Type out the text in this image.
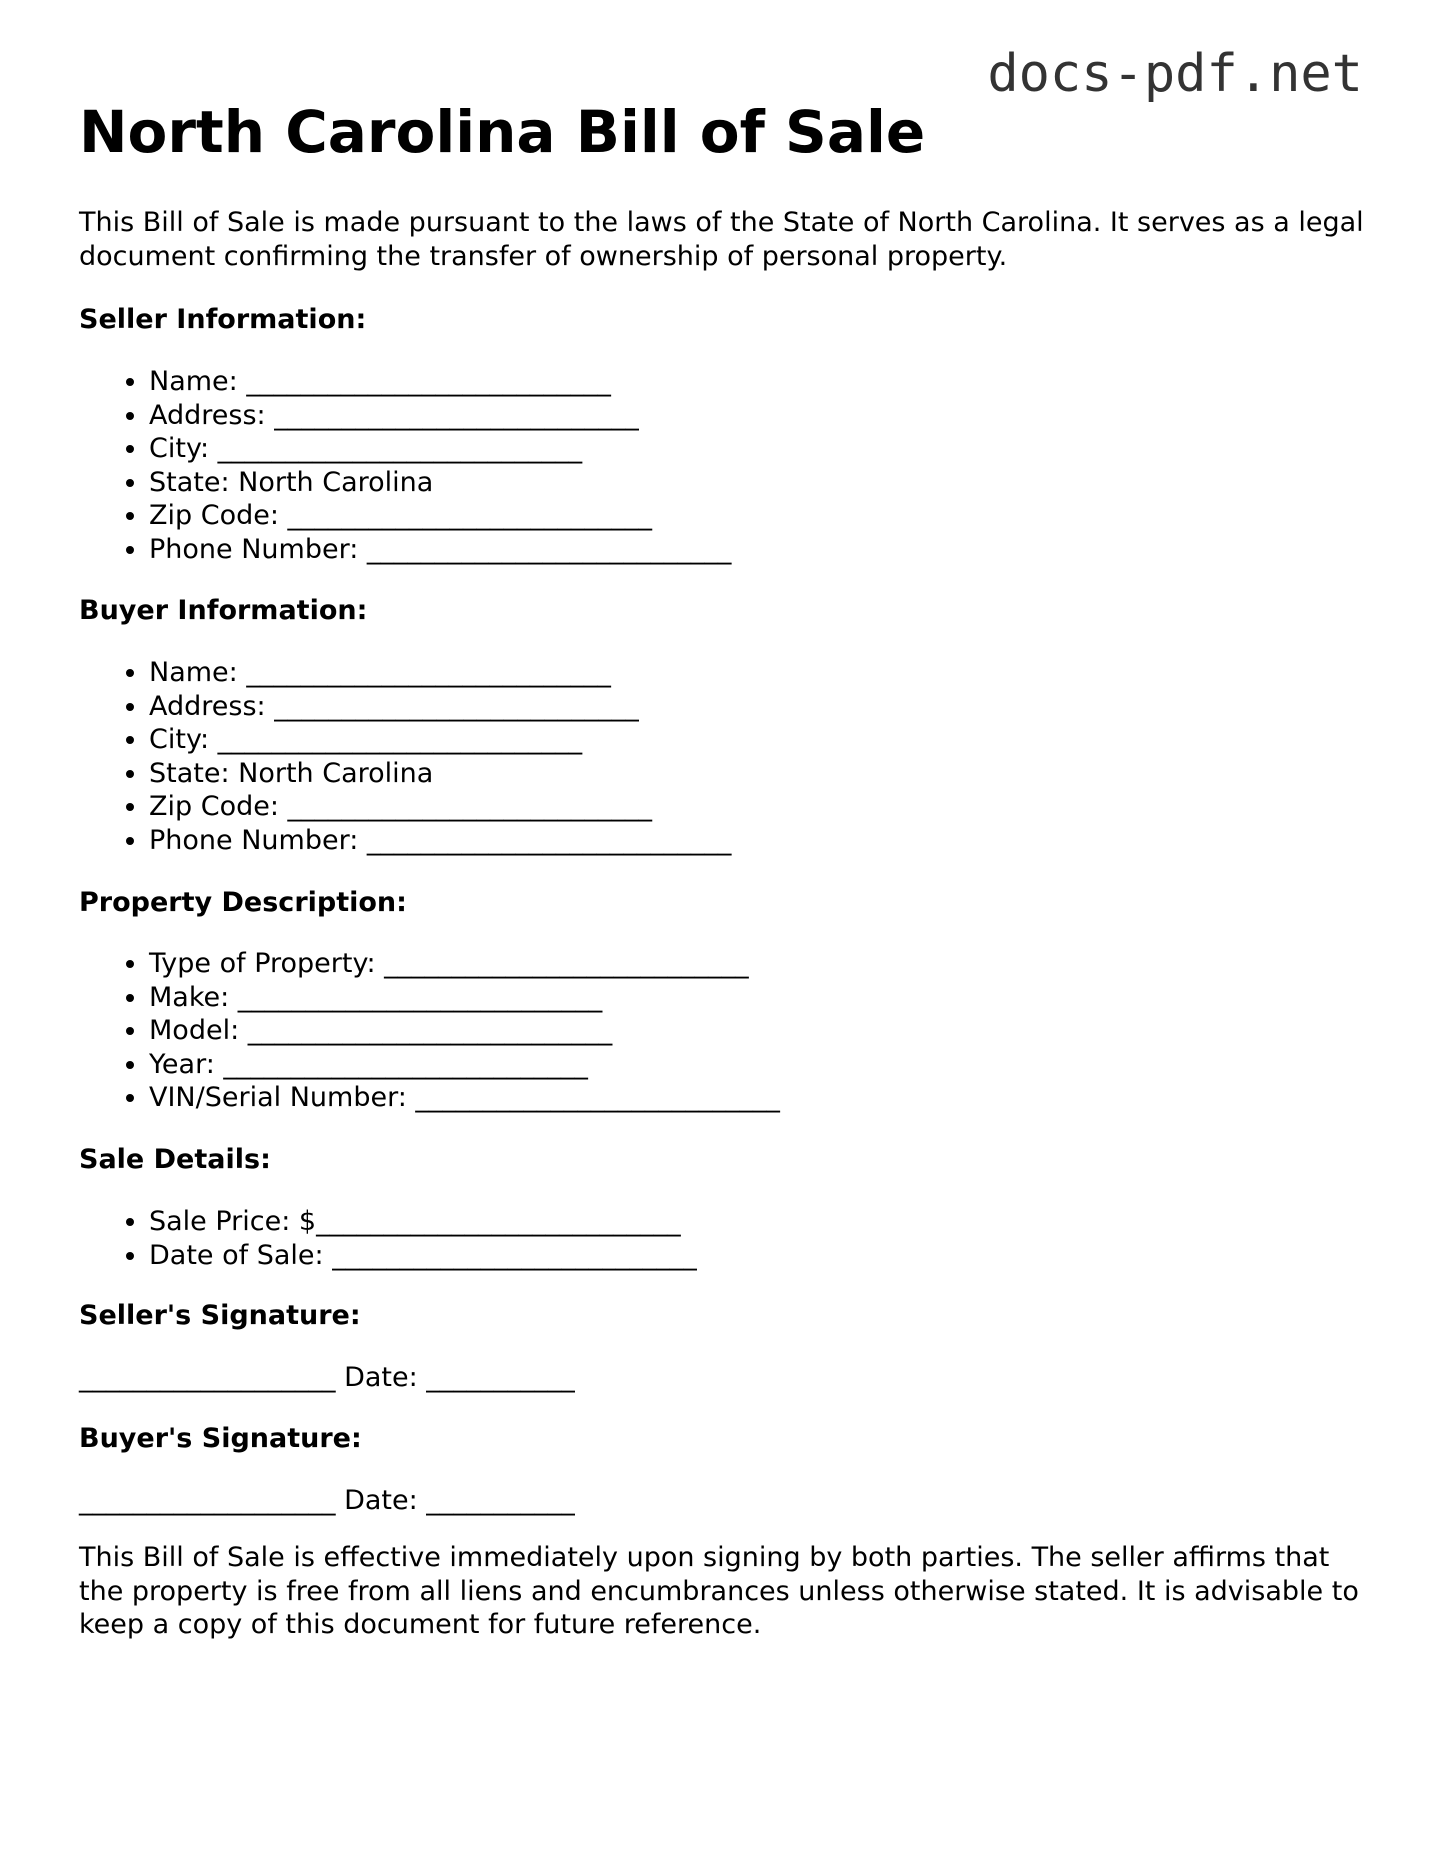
docs-pdf.net
North Carolina Bill of Sale

This Bill of Sale is made pursuant to the laws of the State of North Carolina. It serves as a legal document confirming the transfer of ownership of personal property.

Seller Information:

• Name: ___________________________
• Address: ___________________________
• City: ___________________________
• State: North Carolina
• Zip Code: ___________________________
• Phone Number: ___________________________

Buyer Information:

• Name: ___________________________
• Address: ___________________________
• City: ___________________________
• State: North Carolina
• Zip Code: ___________________________
• Phone Number: ___________________________

Property Description:

• Type of Property: ___________________________
• Make: ___________________________
• Model: ___________________________
• Year: ___________________________
• VIN/Serial Number: ___________________________

Sale Details:

• Sale Price: $___________________________
• Date of Sale: ___________________________

Seller's Signature:

___________________ Date: ___________

Buyer's Signature:

___________________ Date: ___________

This Bill of Sale is effective immediately upon signing by both parties. The seller affirms that the property is free from all liens and encumbrances unless otherwise stated. It is advisable to keep a copy of this document for future reference.
